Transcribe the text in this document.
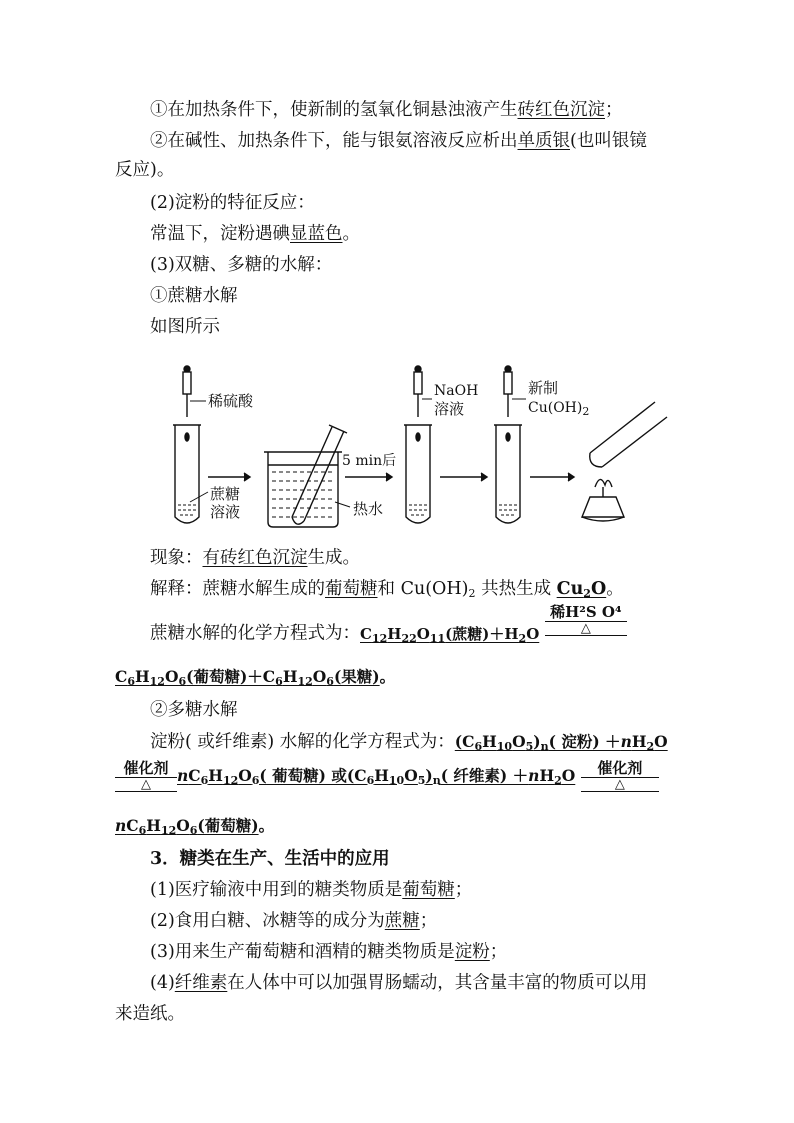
①在加热条件下，使新制的氢氧化铜悬浊液产生砖红色沉淀；
②在碱性、加热条件下，能与银氨溶液反应析出单质银(也叫银镜
反应)。
(2)淀粉的特征反应：
常温下，淀粉遇碘显蓝色。
(3)双糖、多糖的水解：
①蔗糖水解
如图所示
稀硫酸
蔗糖
溶液
5 min后
热水
NaOH
溶液
新制
$Cu(OH)_2$
现象：有砖红色沉淀生成。
解释：蔗糖水解生成的葡萄糖和 $Cu(OH)_2$ 共热生成 $Cu_2O$。
蔗糖水解的化学方程式为：$C_{12}H_{22}O_{11}$(蔗糖)$+H_2O$
稀H²S O⁴
△
$C_6H_{12}O_6$(葡萄糖)$+C_6H_{12}O_6$(果糖)。
②多糖水解
淀粉( 或纤维素) 水解的化学方程式为：$(C_6H_{10}O_5)_n$( 淀粉) $+nH_2O$
催化剂
△	$nC_6H_{12}O_6$( 葡萄糖) 或$(C_6H_{10}O_5)_n$( 纤维素) $+nH_2O$	催化剂
△
$nC_6H_{12}O_6$(葡萄糖)。
3．糖类在生产、生活中的应用
(1)医疗输液中用到的糖类物质是葡萄糖；
(2)食用白糖、冰糖等的成分为蔗糖；
(3)用来生产葡萄糖和酒精的糖类物质是淀粉；
(4)纤维素在人体中可以加强胃肠蠕动，其含量丰富的物质可以用
来造纸。
